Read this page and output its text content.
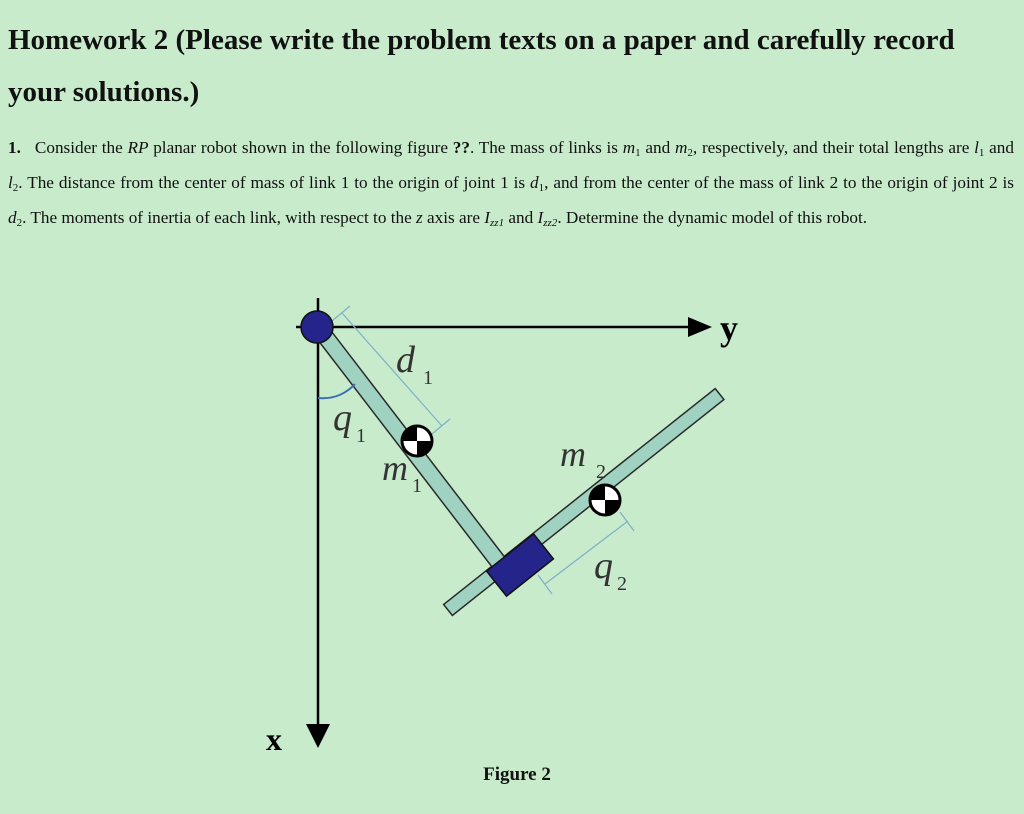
Homework 2 (Please write the problem texts on a paper and carefully record your solutions.)

1. Consider the RP planar robot shown in the following figure ??. The mass of links is $m_1$ and $m_2$, respectively, and their total lengths are $l_1$ and $l_2$. The distance from the center of mass of link 1 to the origin of joint 1 is $d_1$, and from the center of the mass of link 2 to the origin of joint 2 is $d_2$. The moments of inertia of each link, with respect to the z axis are $I_{zz1}$ and $I_{zz2}$. Determine the dynamic model of this robot.

y
x
d 1
q 1
m 1
m 2
q 2
Figure 2
